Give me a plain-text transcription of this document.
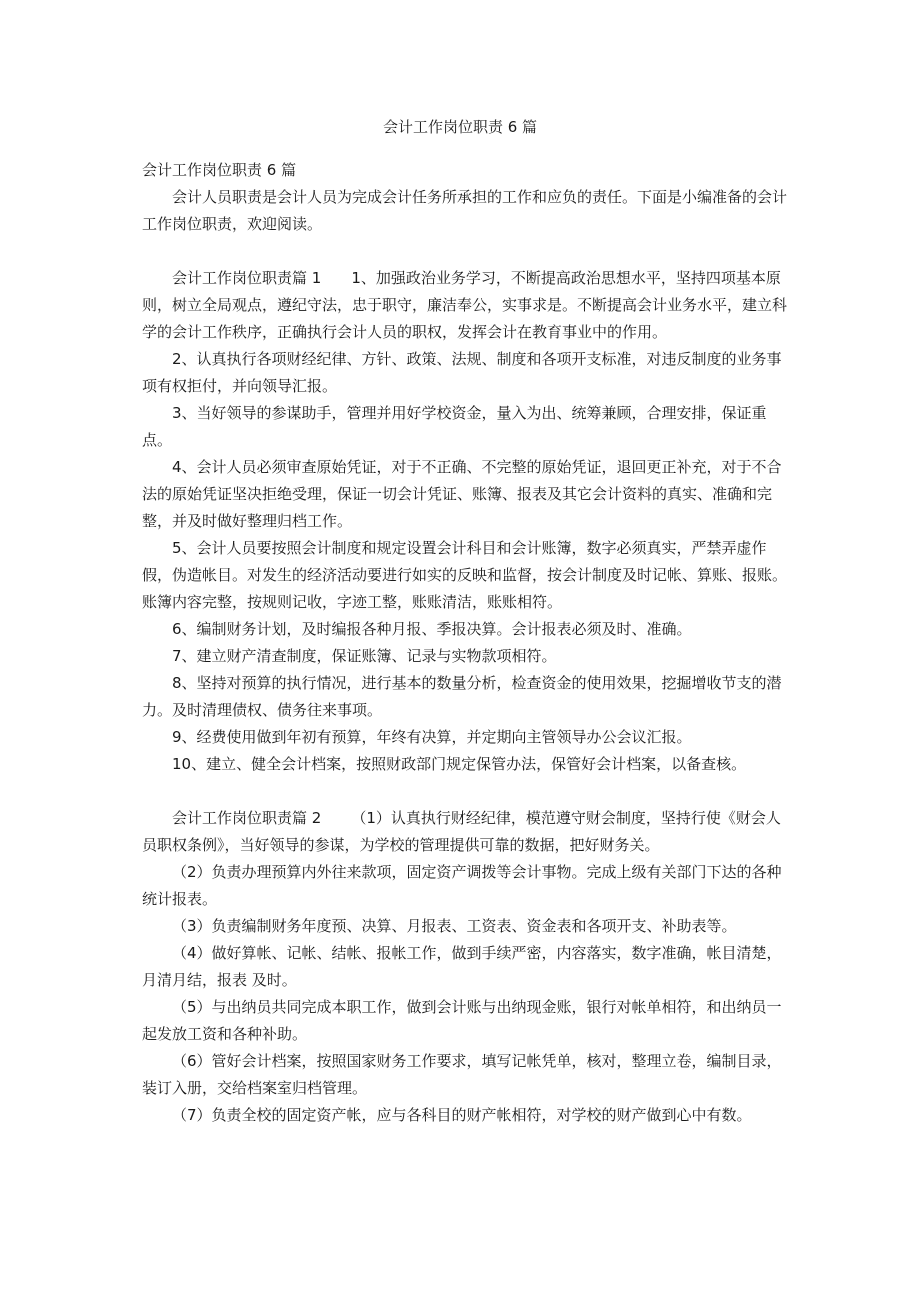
会计工作岗位职责 6 篇

会计工作岗位职责 6 篇

会计人员职责是会计人员为完成会计任务所承担的工作和应负的责任。下面是小编准备的会计工作岗位职责，欢迎阅读。

会计工作岗位职责篇 1 1、加强政治业务学习，不断提高政治思想水平，坚持四项基本原则，树立全局观点，遵纪守法，忠于职守，廉洁奉公，实事求是。不断提高会计业务水平，建立科学的会计工作秩序，正确执行会计人员的职权，发挥会计在教育事业中的作用。

2、认真执行各项财经纪律、方针、政策、法规、制度和各项开支标准，对违反制度的业务事项有权拒付，并向领导汇报。

3、当好领导的参谋助手，管理并用好学校资金，量入为出、统筹兼顾，合理安排，保证重点。

4、会计人员必须审查原始凭证，对于不正确、不完整的原始凭证，退回更正补充，对于不合法的原始凭证坚决拒绝受理，保证一切会计凭证、账簿、报表及其它会计资料的真实、准确和完整，并及时做好整理归档工作。

5、会计人员要按照会计制度和规定设置会计科目和会计账簿，数字必须真实，严禁弄虚作假，伪造帐目。对发生的经济活动要进行如实的反映和监督，按会计制度及时记帐、算账、报账。账簿内容完整，按规则记收，字迹工整，账账清洁，账账相符。

6、编制财务计划，及时编报各种月报、季报决算。会计报表必须及时、准确。

7、建立财产清查制度，保证账簿、记录与实物款项相符。

8、坚持对预算的执行情况，进行基本的数量分析，检查资金的使用效果，挖掘增收节支的潜力。及时清理债权、债务往来事项。

9、经费使用做到年初有预算，年终有决算，并定期向主管领导办公会议汇报。

10、建立、健全会计档案，按照财政部门规定保管办法，保管好会计档案，以备查核。

会计工作岗位职责篇 2 （1）认真执行财经纪律，模范遵守财会制度，坚持行使《财会人员职权条例》，当好领导的参谋，为学校的管理提供可靠的数据，把好财务关。

（2）负责办理预算内外往来款项，固定资产调拨等会计事物。完成上级有关部门下达的各种统计报表。

（3）负责编制财务年度预、决算、月报表、工资表、资金表和各项开支、补助表等。

（4）做好算帐、记帐、结帐、报帐工作，做到手续严密，内容落实，数字准确，帐目清楚，月清月结，报表 及时。

（5）与出纳员共同完成本职工作，做到会计账与出纳现金账，银行对帐单相符，和出纳员一起发放工资和各种补助。

（6）管好会计档案，按照国家财务工作要求，填写记帐凭单，核对，整理立卷，编制目录，装订入册，交给档案室归档管理。

（7）负责全校的固定资产帐，应与各科目的财产帐相符，对学校的财产做到心中有数。
